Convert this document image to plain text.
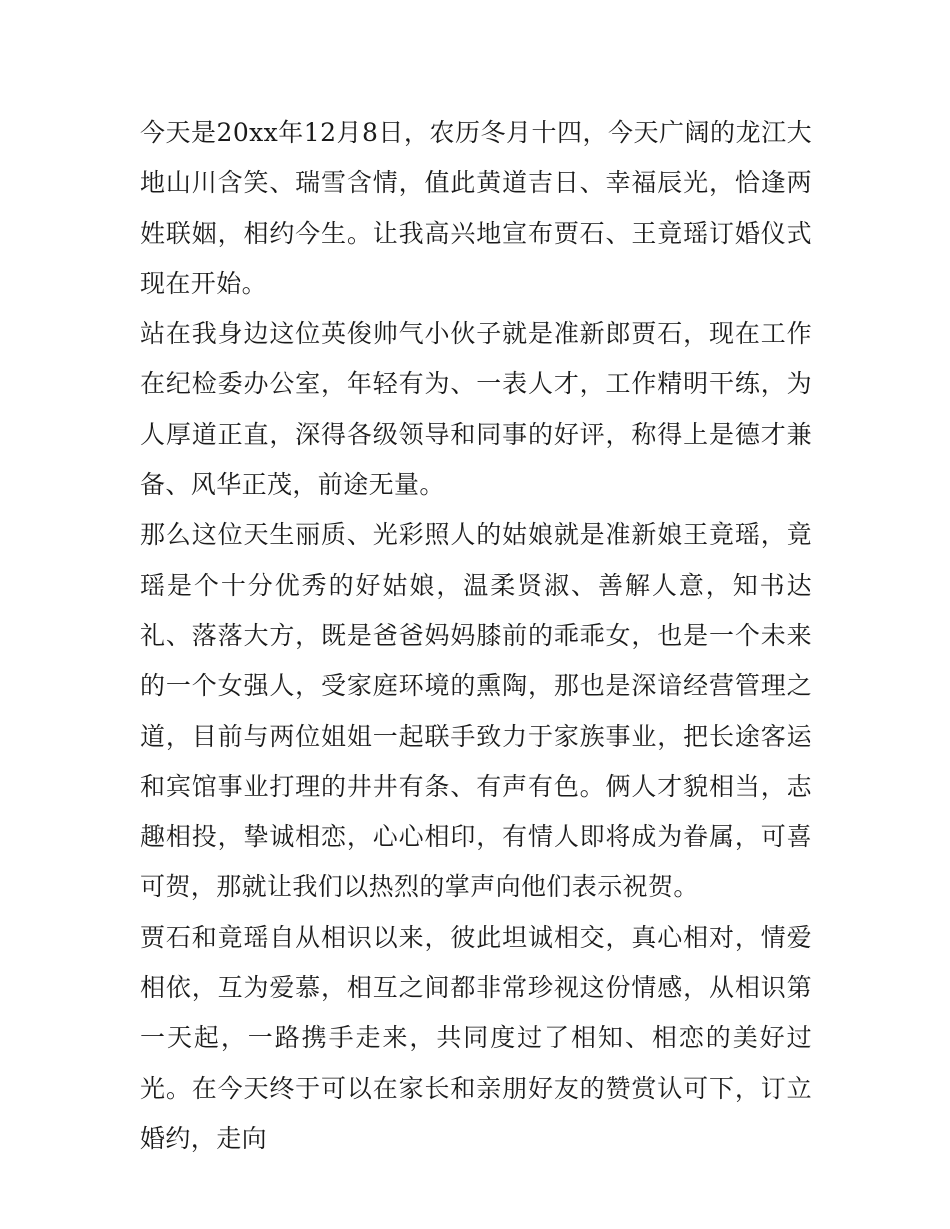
今天是20xx年12月8日，农历冬月十四，今天广阔的龙江大地山川含笑、瑞雪含情，值此黄道吉日、幸福辰光，恰逢两姓联姻，相约今生。让我高兴地宣布贾石、王竟瑶订婚仪式现在开始。

站在我身边这位英俊帅气小伙子就是准新郎贾石，现在工作在纪检委办公室，年轻有为、一表人才，工作精明干练，为人厚道正直，深得各级领导和同事的好评，称得上是德才兼备、风华正茂，前途无量。

那么这位天生丽质、光彩照人的姑娘就是准新娘王竟瑶，竟瑶是个十分优秀的好姑娘，温柔贤淑、善解人意，知书达礼、落落大方，既是爸爸妈妈膝前的乖乖女，也是一个未来的一个女强人，受家庭环境的熏陶，那也是深谙经营管理之道，目前与两位姐姐一起联手致力于家族事业，把长途客运和宾馆事业打理的井井有条、有声有色。俩人才貌相当，志趣相投，挚诚相恋，心心相印，有情人即将成为眷属，可喜可贺，那就让我们以热烈的掌声向他们表示祝贺。

贾石和竟瑶自从相识以来，彼此坦诚相交，真心相对，情爱相依，互为爱慕，相互之间都非常珍视这份情感，从相识第一天起，一路携手走来，共同度过了相知、相恋的美好过光。在今天终于可以在家长和亲朋好友的赞赏认可下，订立婚约，走向
